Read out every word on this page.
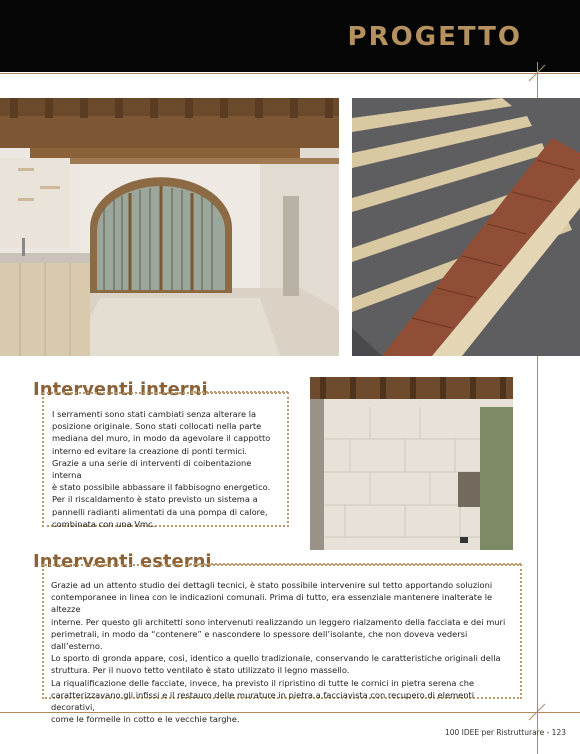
PROGETTO
Interventi interni
I serramenti sono stati cambiati senza alterare la
posizione originale. Sono stati collocati nella parte
mediana del muro, in modo da agevolare il cappotto
interno ed evitare la creazione di ponti termici.
Grazie a una serie di interventi di coibentazione interna
è stato possibile abbassare il fabbisogno energetico.
Per il riscaldamento è stato previsto un sistema a
pannelli radianti alimentati da una pompa di calore,
combinata con una Vmc.
Interventi esterni
Grazie ad un attento studio dei dettagli tecnici, è stato possibile intervenire sul tetto apportando soluzioni
contemporanee in linea con le indicazioni comunali. Prima di tutto, era essenziale mantenere inalterate le altezze
interne. Per questo gli architetti sono intervenuti realizzando un leggero rialzamento della facciata e dei muri
perimetrali, in modo da “contenere” e nascondere lo spessore dell’isolante, che non doveva vedersi dall’esterno.
Lo sporto di gronda appare, così, identico a quello tradizionale, conservando le caratteristiche originali della
struttura. Per il nuovo tetto ventilato è stato utilizzato il legno massello.
La riqualificazione delle facciate, invece, ha previsto il ripristino di tutte le cornici in pietra serena che
caratterizzavano gli infissi e il restauro delle murature in pietra a facciavista con recupero di elementi decorativi,
come le formelle in cotto e le vecchie targhe.
100 IDEE per Ristrutturare - 123
